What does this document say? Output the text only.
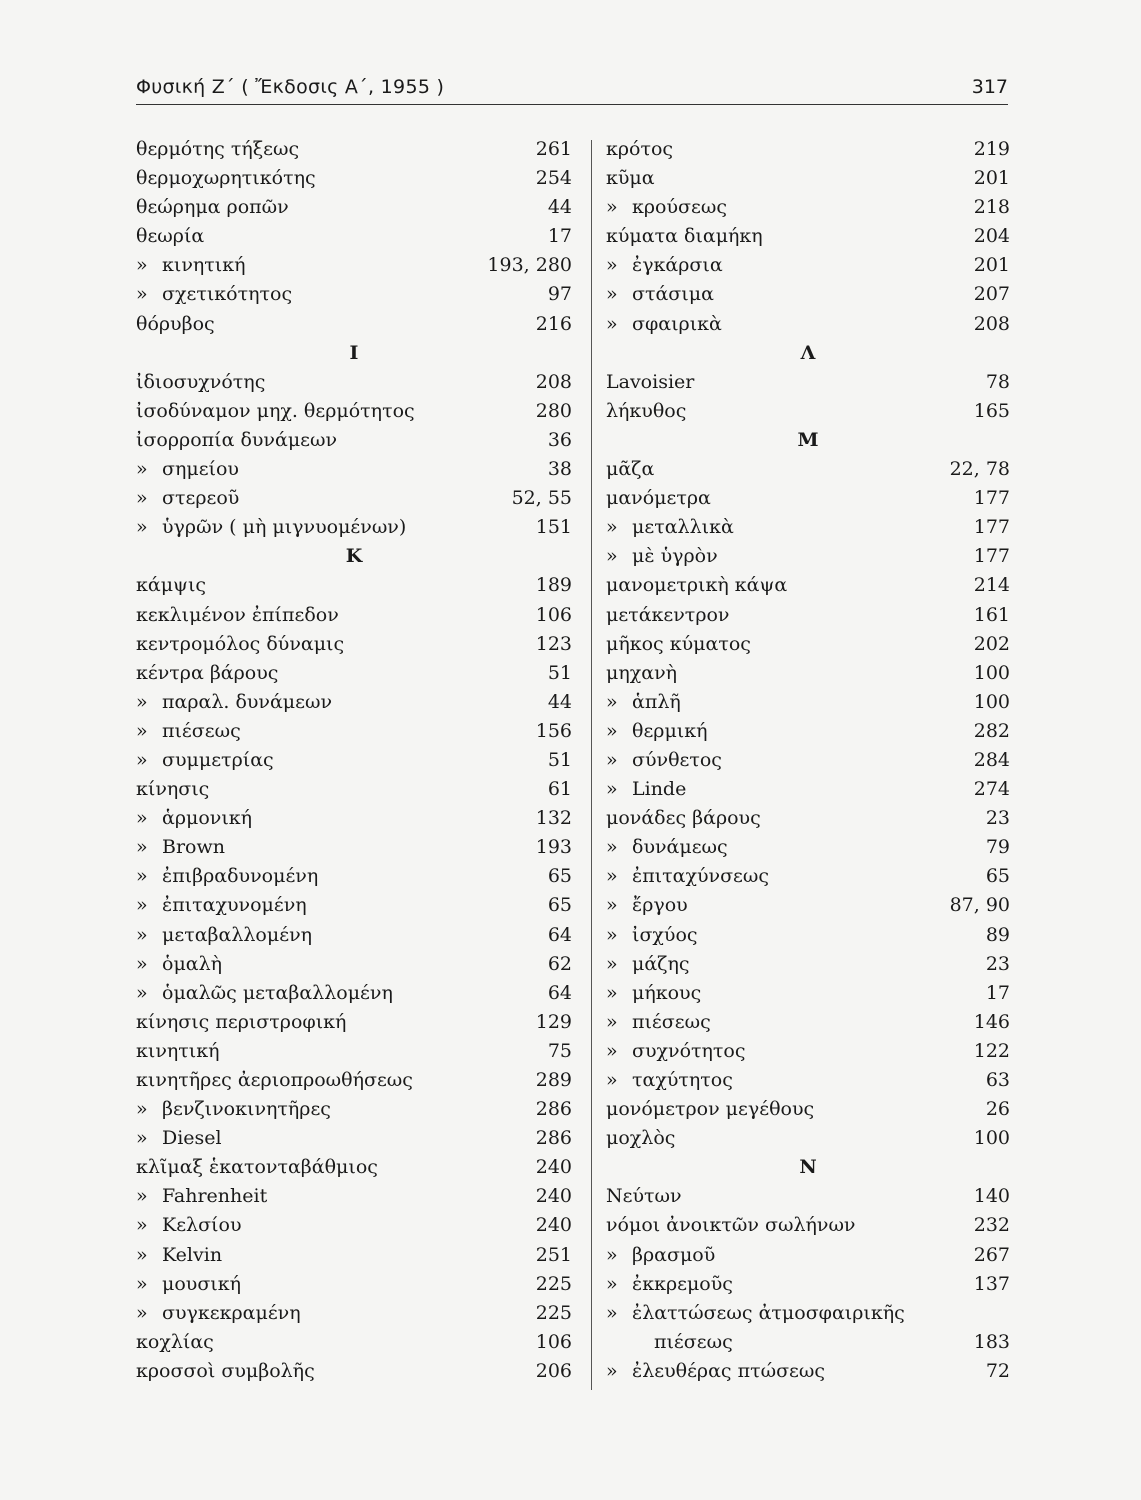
Φυσική Ζ΄ ( Ἔκδοσις Α΄, 1955 )	317
θερμότης τήξεως	261
θερμοχωρητικότης	254
θεώρημα ροπῶν	44
θεωρία	17
» κινητική	193, 280
» σχετικότητος	97
θόρυβος	216
Ι
ἰδιοσυχνότης	208
ἰσοδύναμον μηχ. θερμότητος	280
ἰσορροπία δυνάμεων	36
» σημείου	38
» στερεοῦ	52, 55
» ὑγρῶν ( μὴ μιγνυομένων)	151
Κ
κάμψις	189
κεκλιμένον ἐπίπεδον	106
κεντρομόλος δύναμις	123
κέντρα βάρους	51
» παραλ. δυνάμεων	44
» πιέσεως	156
» συμμετρίας	51
κίνησις	61
» ἁρμονική	132
» Brown	193
» ἐπιβραδυνομένη	65
» ἐπιταχυνομένη	65
» μεταβαλλομένη	64
» ὁμαλὴ	62
» ὁμαλῶς μεταβαλλομένη	64
κίνησις περιστροφική	129
κινητική	75
κινητῆρες ἀεριοπροωθήσεως	289
» βενζινοκινητῆρες	286
» Diesel	286
κλῖμαξ ἑκατονταβάθμιος	240
» Fahrenheit	240
» Κελσίου	240
» Kelvin	251
» μουσική	225
» συγκεκραμένη	225
κοχλίας	106
κροσσοὶ συμβολῆς	206
κρότος	219
κῦμα	201
» κρούσεως	218
κύματα διαμήκη	204
» ἐγκάρσια	201
» στάσιμα	207
» σφαιρικὰ	208
Λ
Lavoisier	78
λήκυθος	165
Μ
μᾶζα	22, 78
μανόμετρα	177
» μεταλλικὰ	177
» μὲ ὑγρὸν	177
μανομετρικὴ κάψα	214
μετάκεντρον	161
μῆκος κύματος	202
μηχανὴ	100
» ἁπλῆ	100
» θερμική	282
» σύνθετος	284
» Linde	274
μονάδες βάρους	23
» δυνάμεως	79
» ἐπιταχύνσεως	65
» ἔργου	87, 90
» ἰσχύος	89
» μάζης	23
» μήκους	17
» πιέσεως	146
» συχνότητος	122
» ταχύτητος	63
μονόμετρον μεγέθους	26
μοχλὸς	100
Ν
Νεύτων	140
νόμοι ἀνοικτῶν σωλήνων	232
» βρασμοῦ	267
» ἐκκρεμοῦς	137
» ἐλαττώσεως ἀτμοσφαιρικῆς
πιέσεως	183
» ἐλευθέρας πτώσεως	72
